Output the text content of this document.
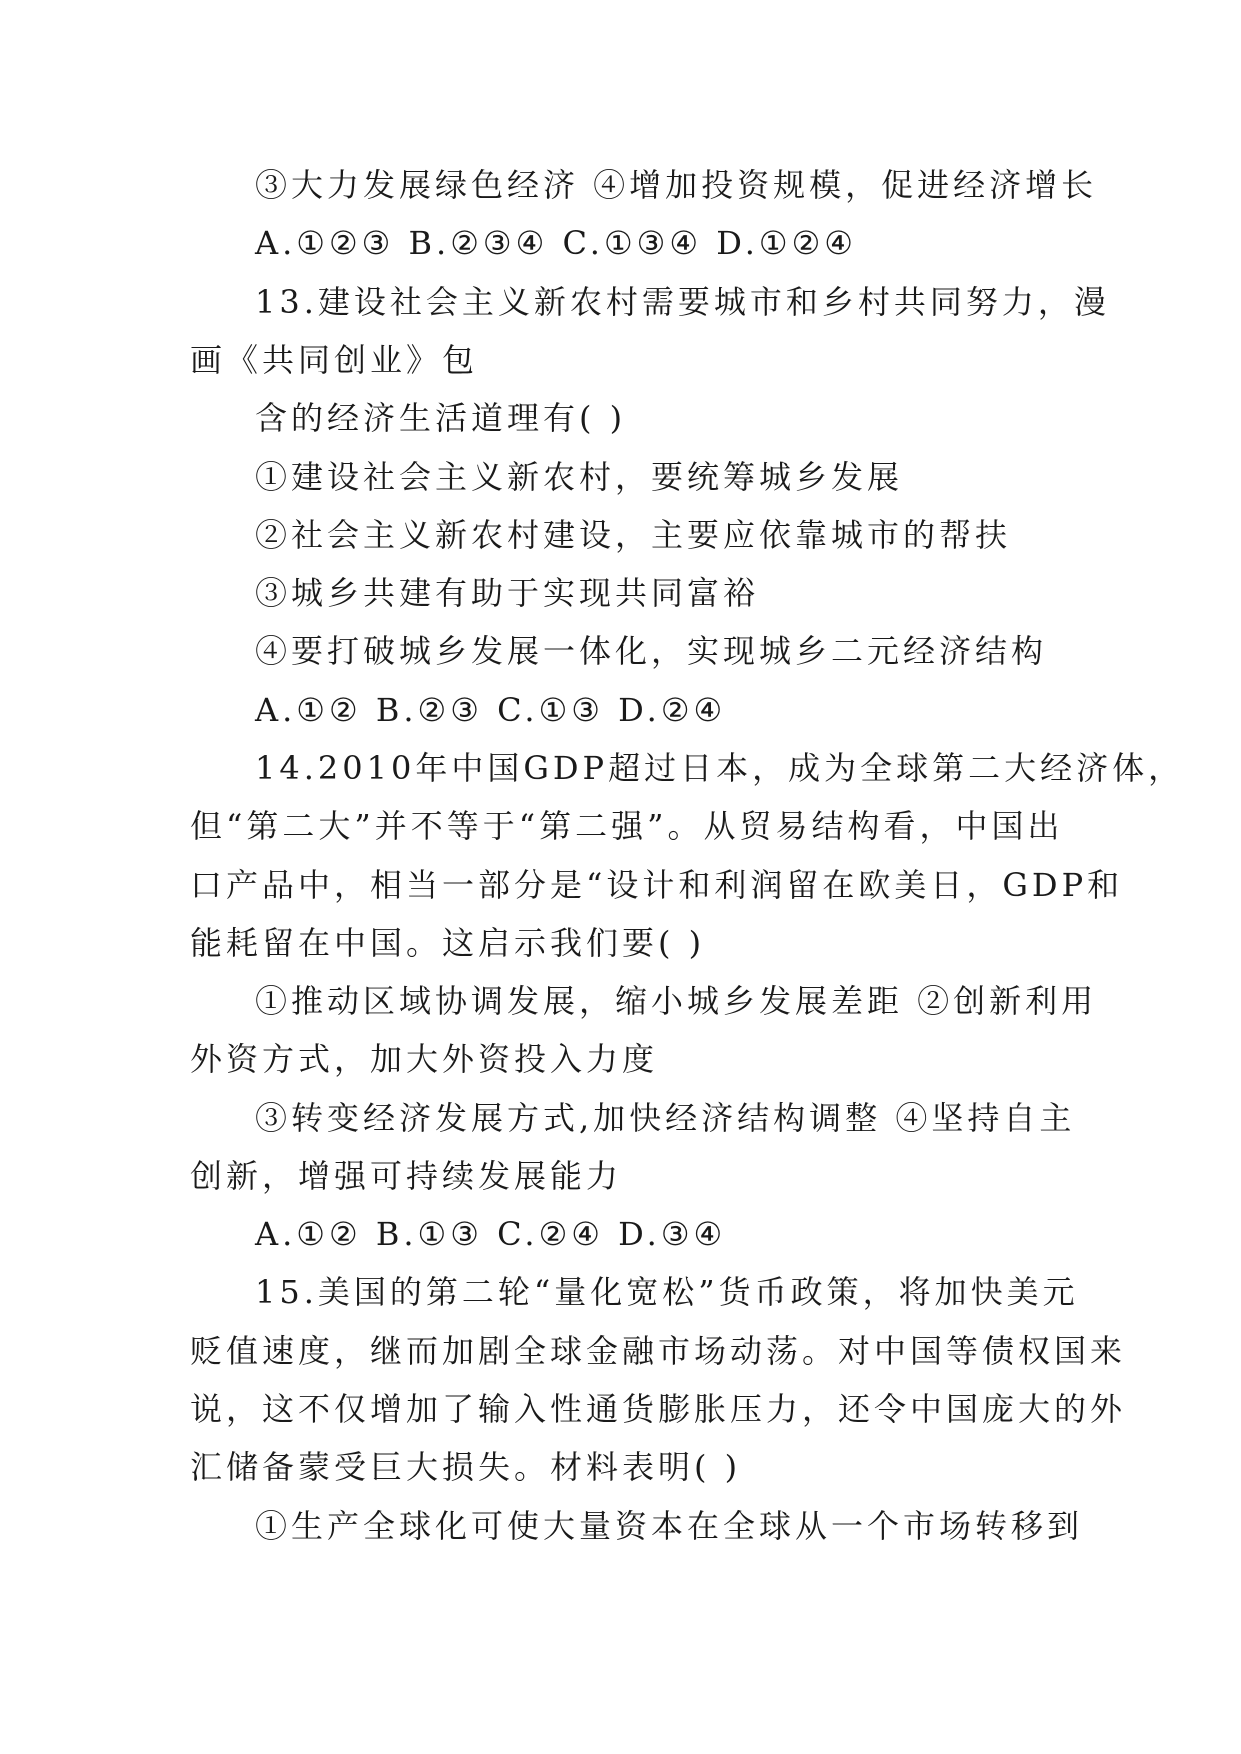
③大力发展绿色经济 ④增加投资规模，促进经济增长
A.①②③ B.②③④ C.①③④ D.①②④
13.建设社会主义新农村需要城市和乡村共同努力，漫
画《共同创业》包
含的经济生活道理有( )
①建设社会主义新农村，要统筹城乡发展
②社会主义新农村建设，主要应依靠城市的帮扶
③城乡共建有助于实现共同富裕
④要打破城乡发展一体化，实现城乡二元经济结构
A.①② B.②③ C.①③ D.②④
14.2010年中国GDP超过日本，成为全球第二大经济体，
但“第二大”并不等于“第二强”。从贸易结构看，中国出
口产品中，相当一部分是“设计和利润留在欧美日，GDP和
能耗留在中国。这启示我们要( )
①推动区域协调发展，缩小城乡发展差距 ②创新利用
外资方式，加大外资投入力度
③转变经济发展方式,加快经济结构调整 ④坚持自主
创新，增强可持续发展能力
A.①② B.①③ C.②④ D.③④
15.美国的第二轮“量化宽松”货币政策，将加快美元
贬值速度，继而加剧全球金融市场动荡。对中国等债权国来
说，这不仅增加了输入性通货膨胀压力，还令中国庞大的外
汇储备蒙受巨大损失。材料表明( )
①生产全球化可使大量资本在全球从一个市场转移到
